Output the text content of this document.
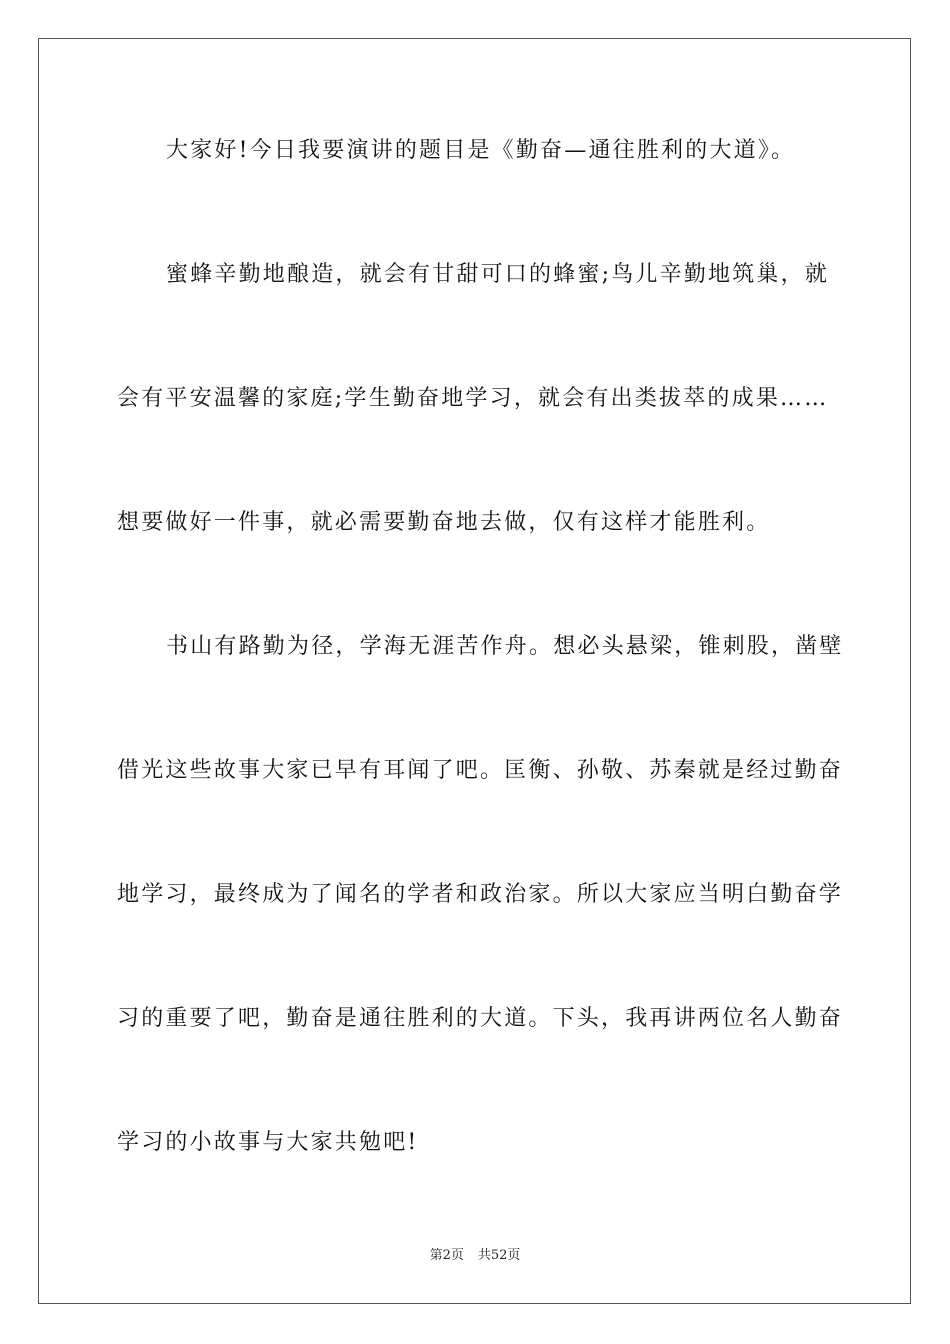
大家好!今日我要演讲的题目是《勤奋—通往胜利的大道》。
蜜蜂辛勤地酿造，就会有甘甜可口的蜂蜜;鸟儿辛勤地筑巢，就
会有平安温馨的家庭;学生勤奋地学习，就会有出类拔萃的成果……
想要做好一件事，就必需要勤奋地去做，仅有这样才能胜利。
书山有路勤为径，学海无涯苦作舟。想必头悬梁，锥刺股，凿壁
借光这些故事大家已早有耳闻了吧。匡衡、孙敬、苏秦就是经过勤奋
地学习，最终成为了闻名的学者和政治家。所以大家应当明白勤奋学
习的重要了吧，勤奋是通往胜利的大道。下头，我再讲两位名人勤奋
学习的小故事与大家共勉吧!
第2页 共52页
